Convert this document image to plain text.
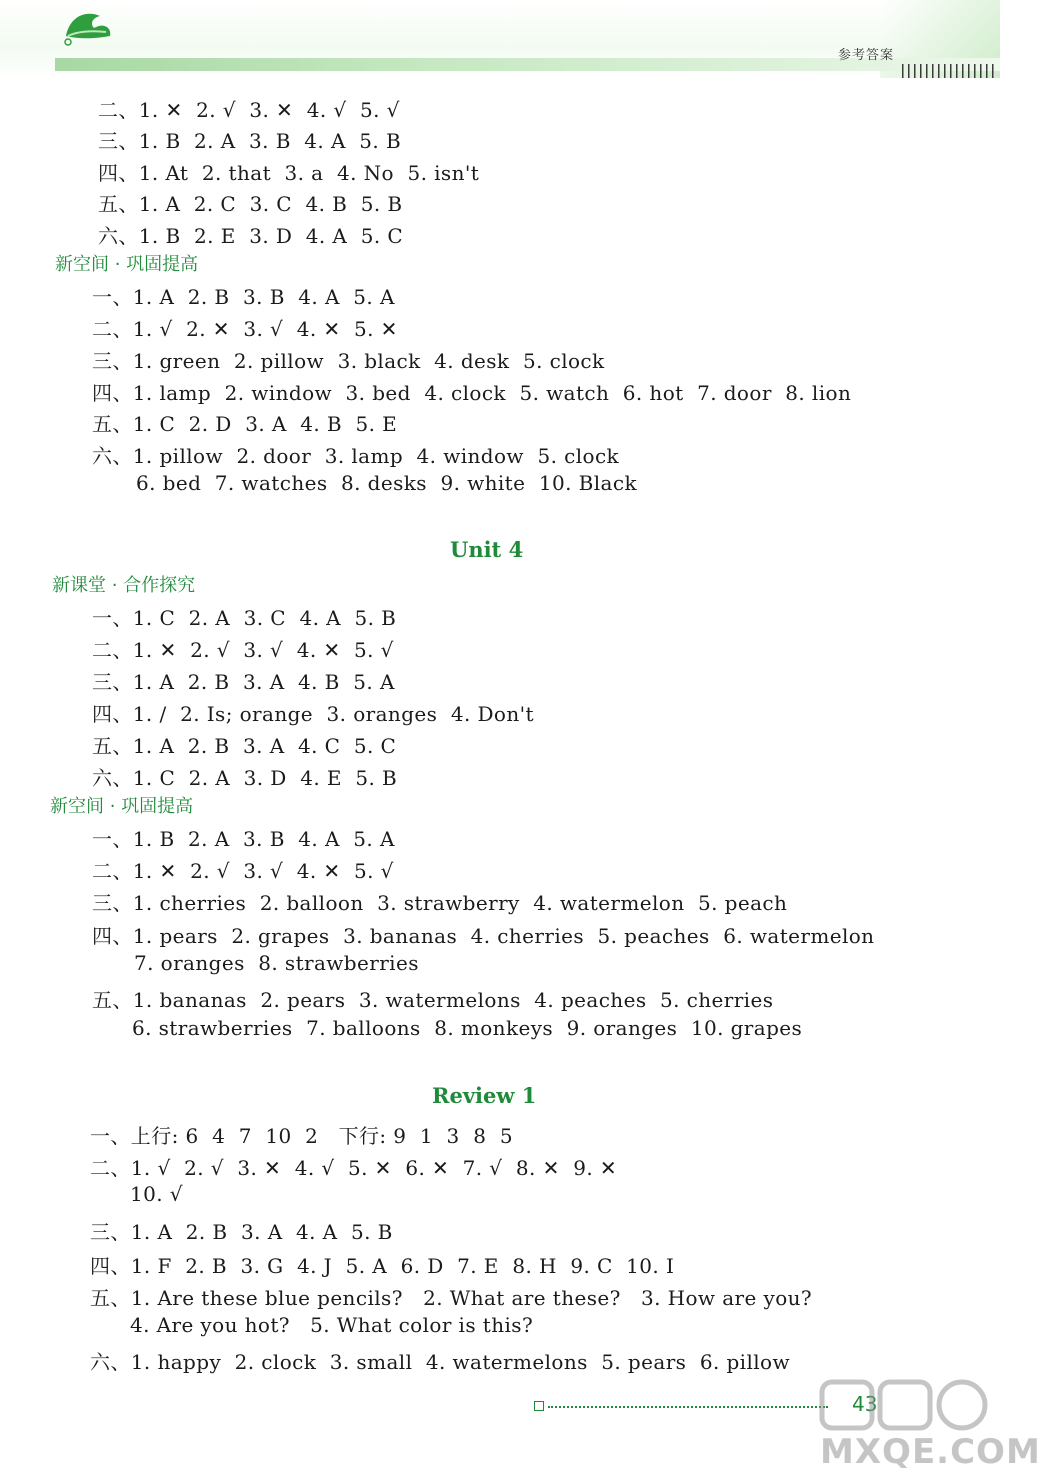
参考答案
二、1. ✕  2. √  3. ✕  4. √  5. √
三、1. B  2. A  3. B  4. A  5. B
四、1. At  2. that  3. a  4. No  5. isn't
五、1. A  2. C  3. C  4. B  5. B
六、1. B  2. E  3. D  4. A  5. C
新空间 · 巩固提高
一、1. A  2. B  3. B  4. A  5. A
二、1. √  2. ✕  3. √  4. ✕  5. ✕
三、1. green  2. pillow  3. black  4. desk  5. clock
四、1. lamp  2. window  3. bed  4. clock  5. watch  6. hot  7. door  8. lion
五、1. C  2. D  3. A  4. B  5. E
六、1. pillow  2. door  3. lamp  4. window  5. clock
6. bed  7. watches  8. desks  9. white  10. Black
Unit 4
新课堂 · 合作探究
一、1. C  2. A  3. C  4. A  5. B
二、1. ✕  2. √  3. √  4. ✕  5. √
三、1. A  2. B  3. A  4. B  5. A
四、1. /  2. Is; orange  3. oranges  4. Don't
五、1. A  2. B  3. A  4. C  5. C
六、1. C  2. A  3. D  4. E  5. B
新空间 · 巩固提高
一、1. B  2. A  3. B  4. A  5. A
二、1. ✕  2. √  3. √  4. ✕  5. √
三、1. cherries  2. balloon  3. strawberry  4. watermelon  5. peach
四、1. pears  2. grapes  3. bananas  4. cherries  5. peaches  6. watermelon
7. oranges  8. strawberries
五、1. bananas  2. pears  3. watermelons  4. peaches  5. cherries
6. strawberries  7. balloons  8. monkeys  9. oranges  10. grapes
Review 1
一、上行: 6  4  7  10  2   下行: 9  1  3  8  5
二、1. √  2. √  3. ✕  4. √  5. ✕  6. ✕  7. √  8. ✕  9. ✕
10. √
三、1. A  2. B  3. A  4. A  5. B
四、1. F  2. B  3. G  4. J  5. A  6. D  7. E  8. H  9. C  10. I
五、1. Are these blue pencils?   2. What are these?   3. How are you?
4. Are you hot?   5. What color is this?
六、1. happy  2. clock  3. small  4. watermelons  5. pears  6. pillow
43
MXQE.COM
